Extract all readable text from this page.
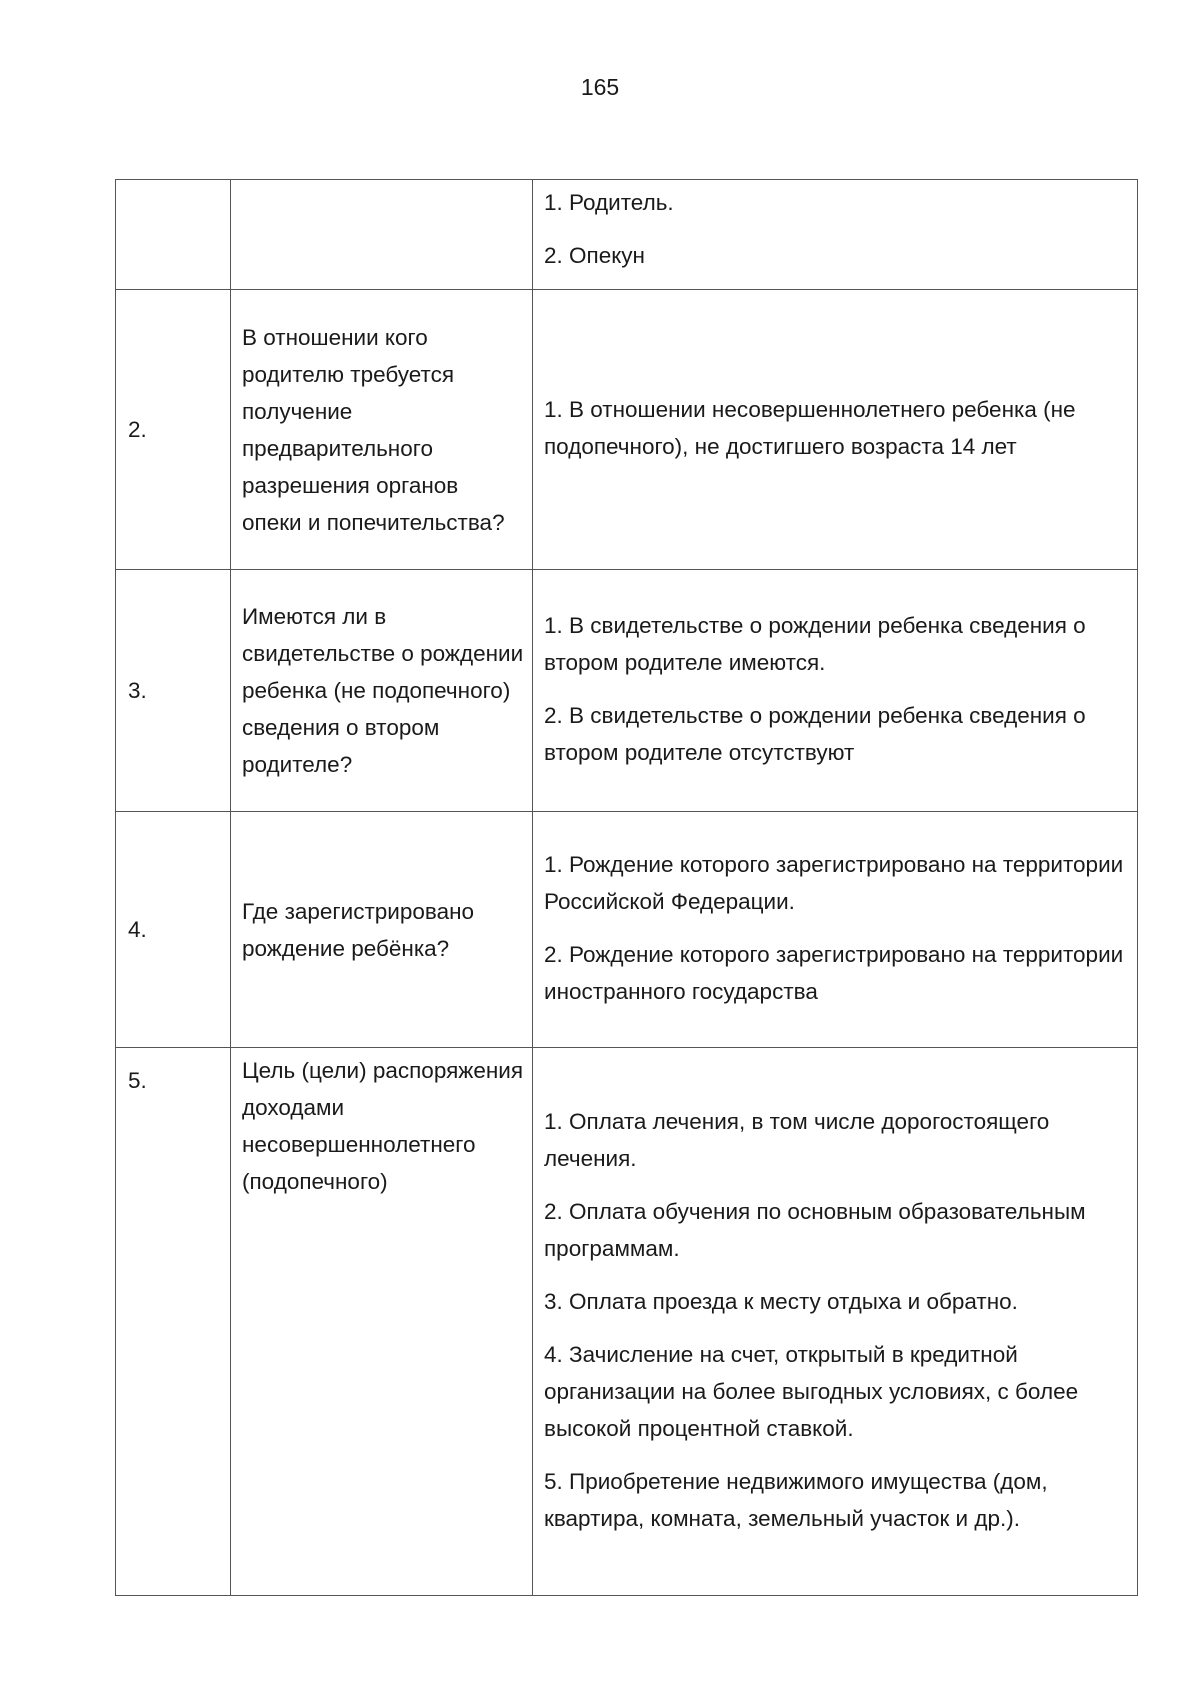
165

		1. Родитель.
2. Опекун

2.	В отношении кого родителю требуется получение предварительного разрешения органов опеки и попечительства?	1. В отношении несовершеннолетнего ребенка (не подопечного), не достигшего возраста 14 лет

3.	Имеются ли в свидетельстве о рождении ребенка (не подопечного) сведения о втором родителе?	1. В свидетельстве о рождении ребенка сведения о втором родителе имеются.
2. В свидетельстве о рождении ребенка сведения о втором родителе отсутствуют

4.	Где зарегистрировано рождение ребёнка?	1. Рождение которого зарегистрировано на территории Российской Федерации.
2. Рождение которого зарегистрировано на территории иностранного государства

5.	Цель (цели) распоряжения доходами несовершеннолетнего (подопечного)	1. Оплата лечения, в том числе дорогостоящего лечения.
2. Оплата обучения по основным образовательным программам.
3. Оплата проезда к месту отдыха и обратно.
4. Зачисление на счет, открытый в кредитной организации на более выгодных условиях, с более высокой процентной ставкой.
5. Приобретение недвижимого имущества (дом, квартира, комната, земельный участок и др.).
